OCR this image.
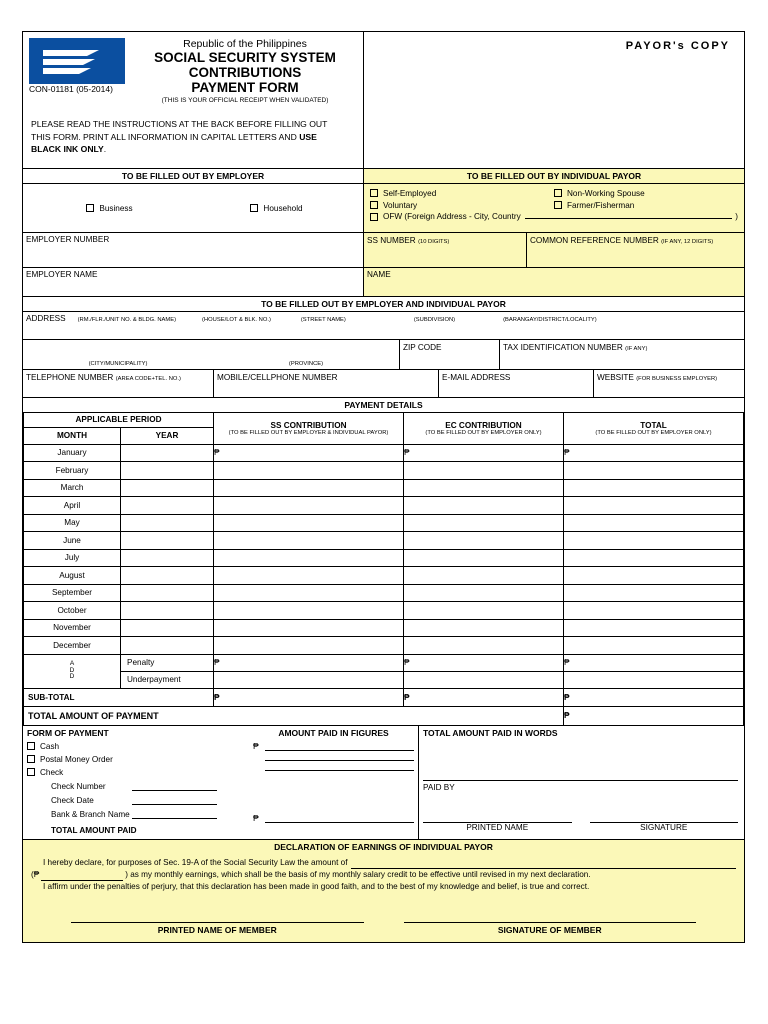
Republic of the Philippines
SOCIAL SECURITY SYSTEM
CONTRIBUTIONS
PAYMENT FORM
(THIS IS YOUR OFFICIAL RECEIPT WHEN VALIDATED)
CON-01181 (05-2014)
PLEASE READ THE INSTRUCTIONS AT THE BACK BEFORE FILLING OUT
THIS FORM. PRINT ALL INFORMATION IN CAPITAL LETTERS AND USE
BLACK INK ONLY.
PAYOR's COPY
TO BE FILLED OUT BY EMPLOYER	TO BE FILLED OUT BY INDIVIDUAL PAYOR
Business	Household
Self-Employed	Non-Working Spouse
Voluntary	Farmer/Fisherman
OFW (Foreign Address - City, Country	)
EMPLOYER NUMBER	SS NUMBER (10 DIGITS)	COMMON REFERENCE NUMBER (IF ANY, 12 DIGITS)
EMPLOYER NAME	NAME
TO BE FILLED OUT BY EMPLOYER AND INDIVIDUAL PAYOR
ADDRESS (RM./FLR./UNIT NO. & BLDG. NAME)	(HOUSE/LOT & BLK. NO.)	(STREET NAME)	(SUBDIVISION)	(BARANGAY/DISTRICT/LOCALITY)
(CITY/MUNICIPALITY)	(PROVINCE)
ZIP CODE	TAX IDENTIFICATION NUMBER (IF ANY)
TELEPHONE NUMBER (AREA CODE+TEL. NO.)	MOBILE/CELLPHONE NUMBER	E-MAIL ADDRESS	WEBSITE (FOR BUSINESS EMPLOYER)
PAYMENT DETAILS
APPLICABLE PERIOD	
SS CONTRIBUTION
(TO BE FILLED OUT BY EMPLOYER & INDIVIDUAL PAYOR)

EC CONTRIBUTION
(TO BE FILLED OUT BY EMPLOYER ONLY)

TOTAL
(TO BE FILLED OUT BY EMPLOYER ONLY)

MONTH	YEAR			
January		₱	₱	₱
February				
March				
April				
May				
June				
July				
August				
September				
October				
November				
December				

A
D
D	Penalty	₱	₱	₱
	Underpayment			
SUB-TOTAL		₱	₱	₱
TOTAL AMOUNT OF PAYMENT				₱
FORM OF PAYMENT
Cash
Postal Money Order
Check
Check Number
Check Date
Bank & Branch Name
TOTAL AMOUNT PAID
AMOUNT PAID IN FIGURES
₱
₱
TOTAL AMOUNT PAID IN WORDS
PAID BY
PRINTED NAME	SIGNATURE
DECLARATION OF EARNINGS OF INDIVIDUAL PAYOR
I hereby declare, for purposes of Sec. 19-A of the Social Security Law the amount of
(₱	) as my monthly earnings, which shall be the basis of my monthly salary credit to be effective until revised in my next declaration.
I affirm under the penalties of perjury, that this declaration has been made in good faith, and to the best of my knowledge and belief, is true and correct.
PRINTED NAME OF MEMBER	SIGNATURE OF MEMBER
